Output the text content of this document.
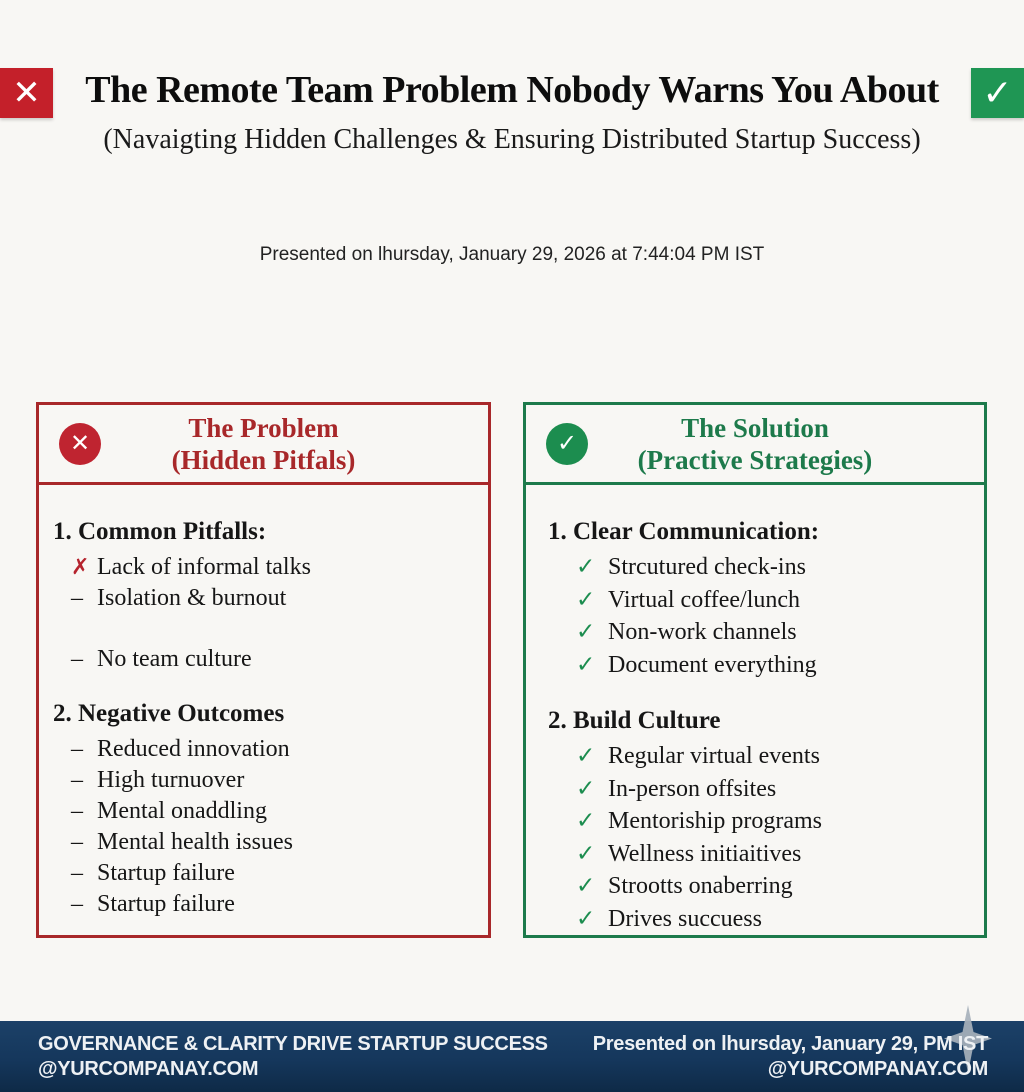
✕	✓
The Remote Team Problem Nobody Warns You About
(Navaigting Hidden Challenges & Ensuring Distributed Startup Success)
Presented on lhursday, January 29, 2026 at 7:44:04 PM IST
✕
The Problem
(Hidden Pitfals)
1. Common Pitfalls:
✗ Lack of informal talks
– Isolation & burnout
– No team culture
2. Negative Outcomes
– Reduced innovation
– High turnuover
– Mental onaddling
– Mental health issues
– Startup failure
– Startup failure
✓
The Solution
(Practive Strategies)
1. Clear Communication:
✓ Strcutured check-ins
✓ Virtual coffee/lunch
✓ Non-work channels
✓ Document everything
2. Build Culture
✓ Regular virtual events
✓ In-person offsites
✓ Mentoriship programs
✓ Wellness initiaitives
✓ Strootts onaberring
✓ Drives succuess
GOVERNANCE & CLARITY DRIVE STARTUP SUCCESS
@YURCOMPANAY.COM
Presented on lhursday, January 29, PM IST
@YURCOMPANAY.COM
